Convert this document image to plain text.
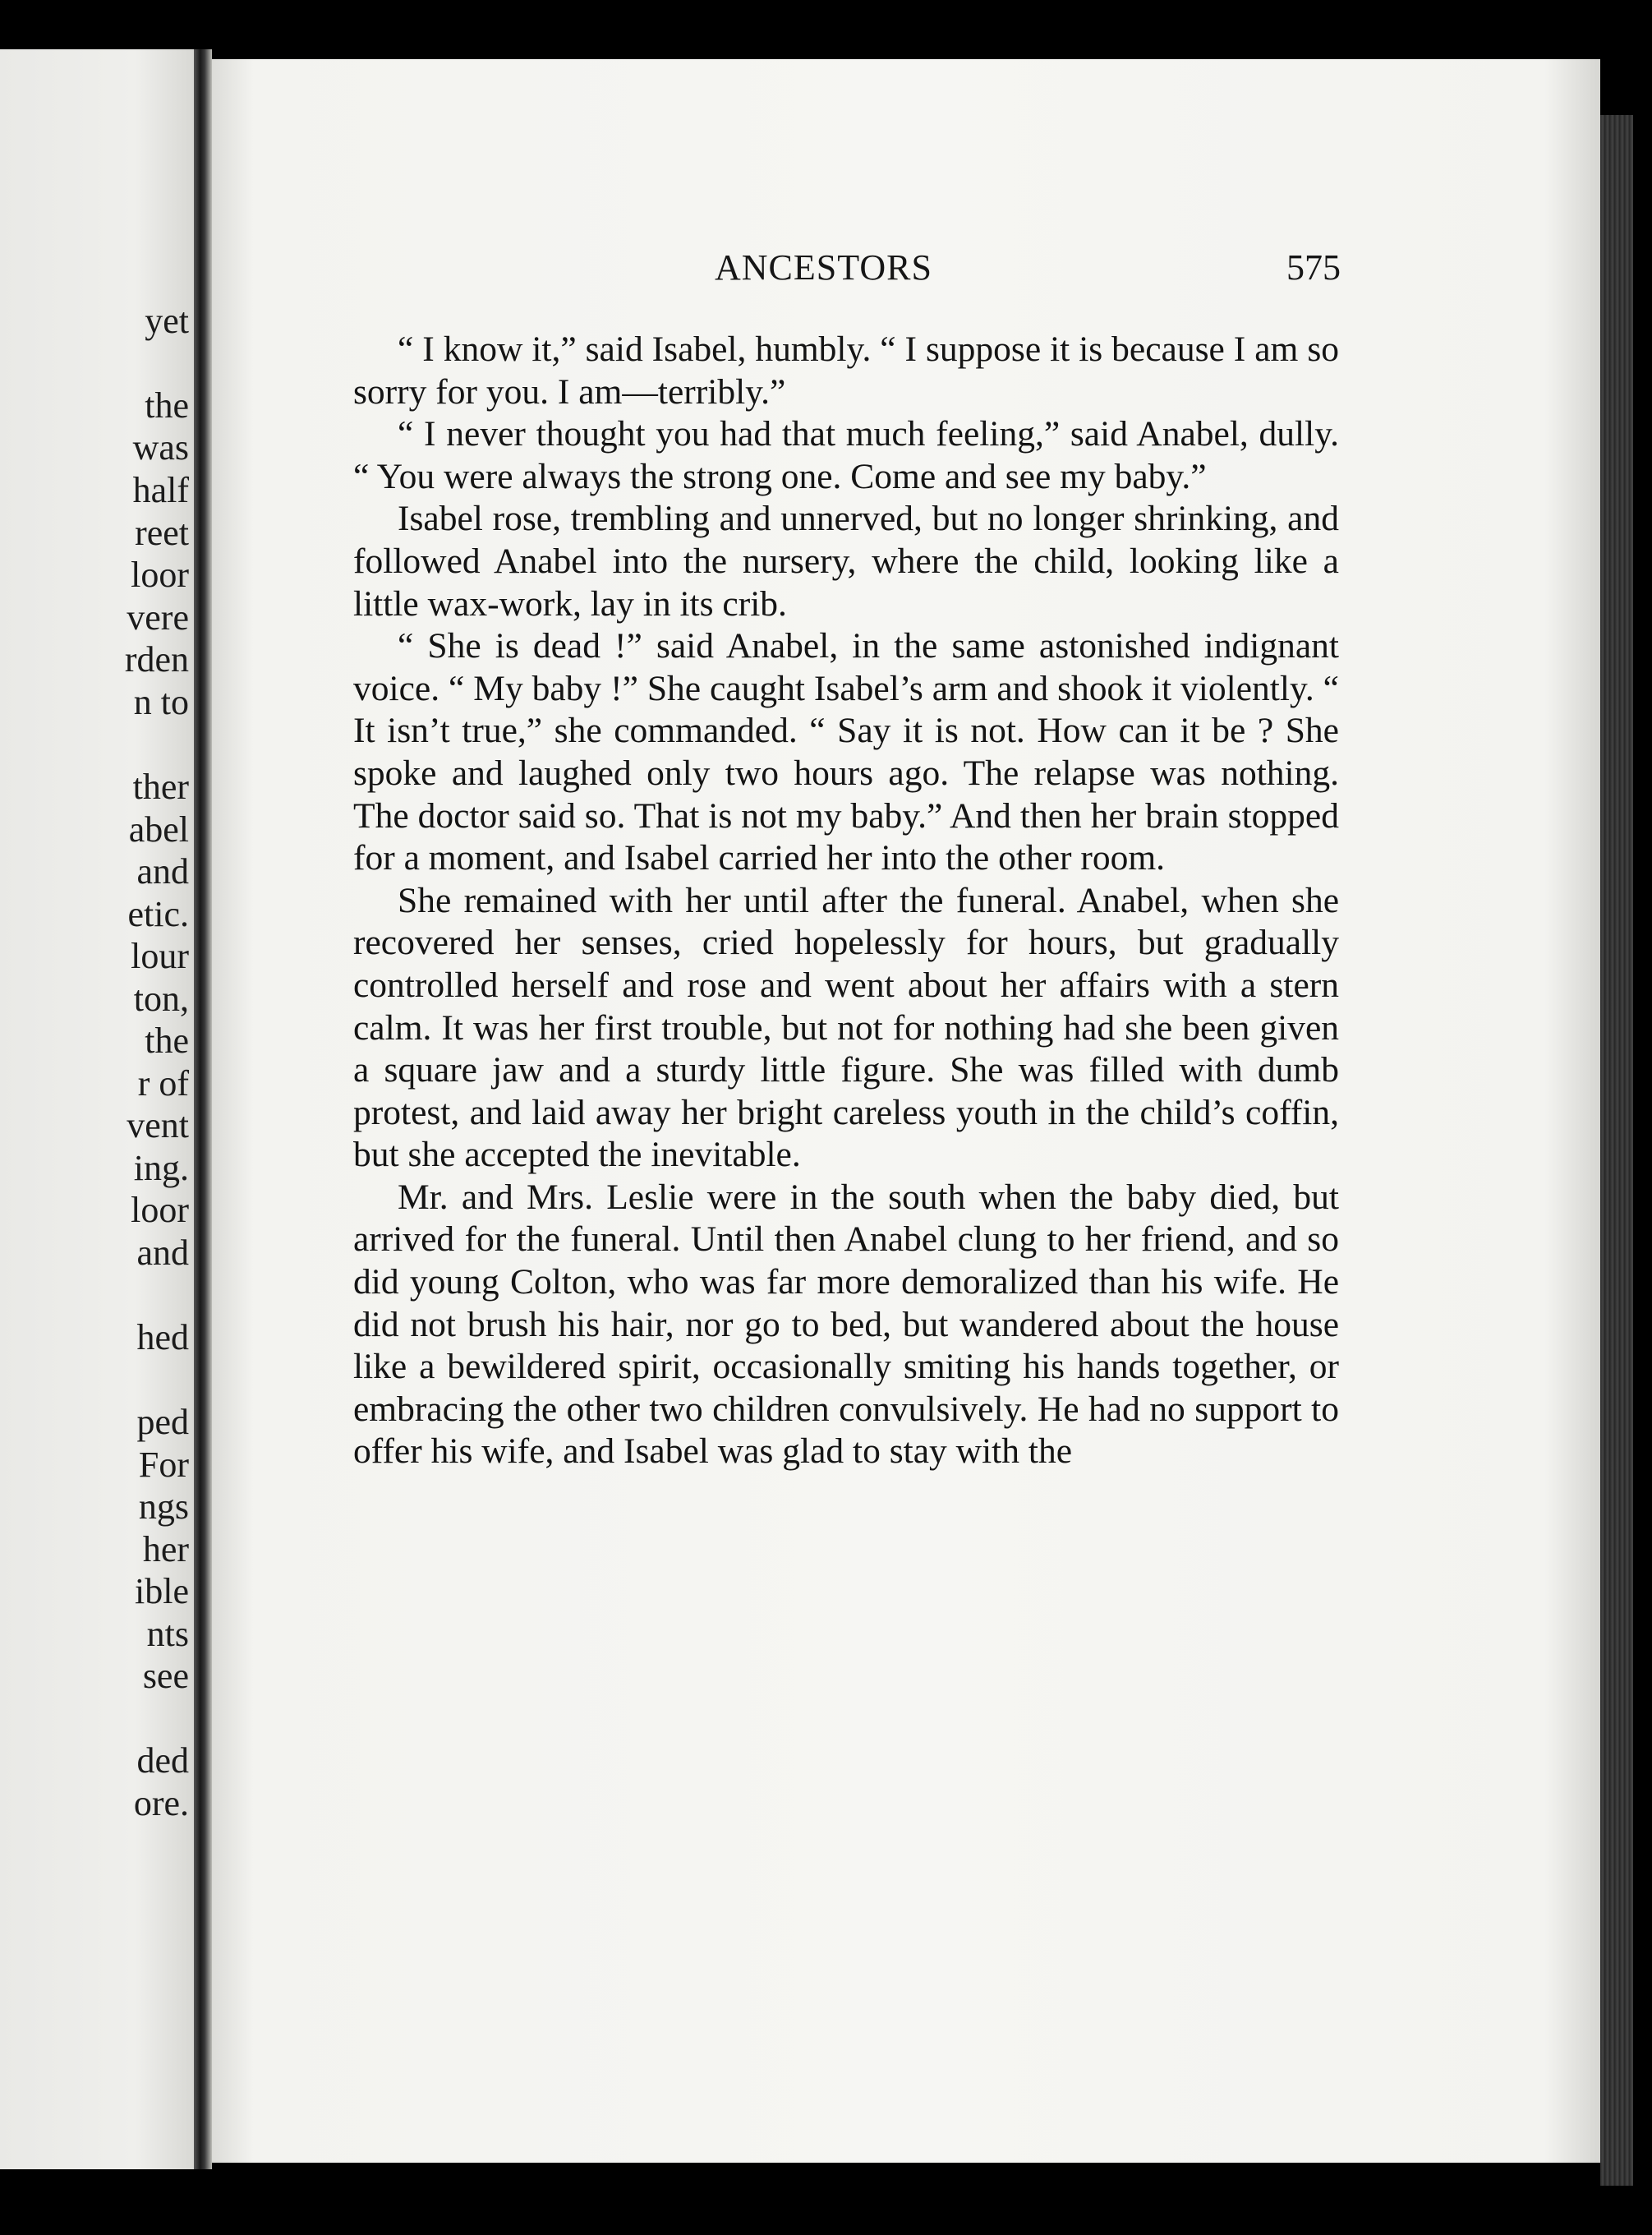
yet
the
was
half
reet
loor
vere
rden
n to
ther
abel
and
etic.
lour
ton,
the
r of
vent
ing.
loor
and
hed
ped
For
ngs
her
ible
nts
see
ded
ore.
ANCESTORS	575

“ I know it,” said Isabel, humbly. “ I suppose it is because I am so sorry for you. I am—terribly.”

“ I never thought you had that much feeling,” said Anabel, dully. “ You were always the strong one. Come and see my baby.”

Isabel rose, trembling and unnerved, but no longer shrinking, and followed Anabel into the nursery, where the child, looking like a little wax-work, lay in its crib.

“ She is dead !” said Anabel, in the same astonished indignant voice. “ My baby !” She caught Isabel’s arm and shook it violently. “ It isn’t true,” she commanded. “ Say it is not. How can it be ? She spoke and laughed only two hours ago. The relapse was nothing. The doctor said so. That is not my baby.” And then her brain stopped for a moment, and Isabel carried her into the other room.

She remained with her until after the funeral. Anabel, when she recovered her senses, cried hopelessly for hours, but gradually controlled herself and rose and went about her affairs with a stern calm. It was her first trouble, but not for nothing had she been given a square jaw and a sturdy little figure. She was filled with dumb protest, and laid away her bright careless youth in the child’s coffin, but she accepted the inevitable.

Mr. and Mrs. Leslie were in the south when the baby died, but arrived for the funeral. Until then Anabel clung to her friend, and so did young Colton, who was far more demoralized than his wife. He did not brush his hair, nor go to bed, but wandered about the house like a bewildered spirit, occasionally smiting his hands together, or embracing the other two children convulsively. He had no support to offer his wife, and Isabel was glad to stay with the
